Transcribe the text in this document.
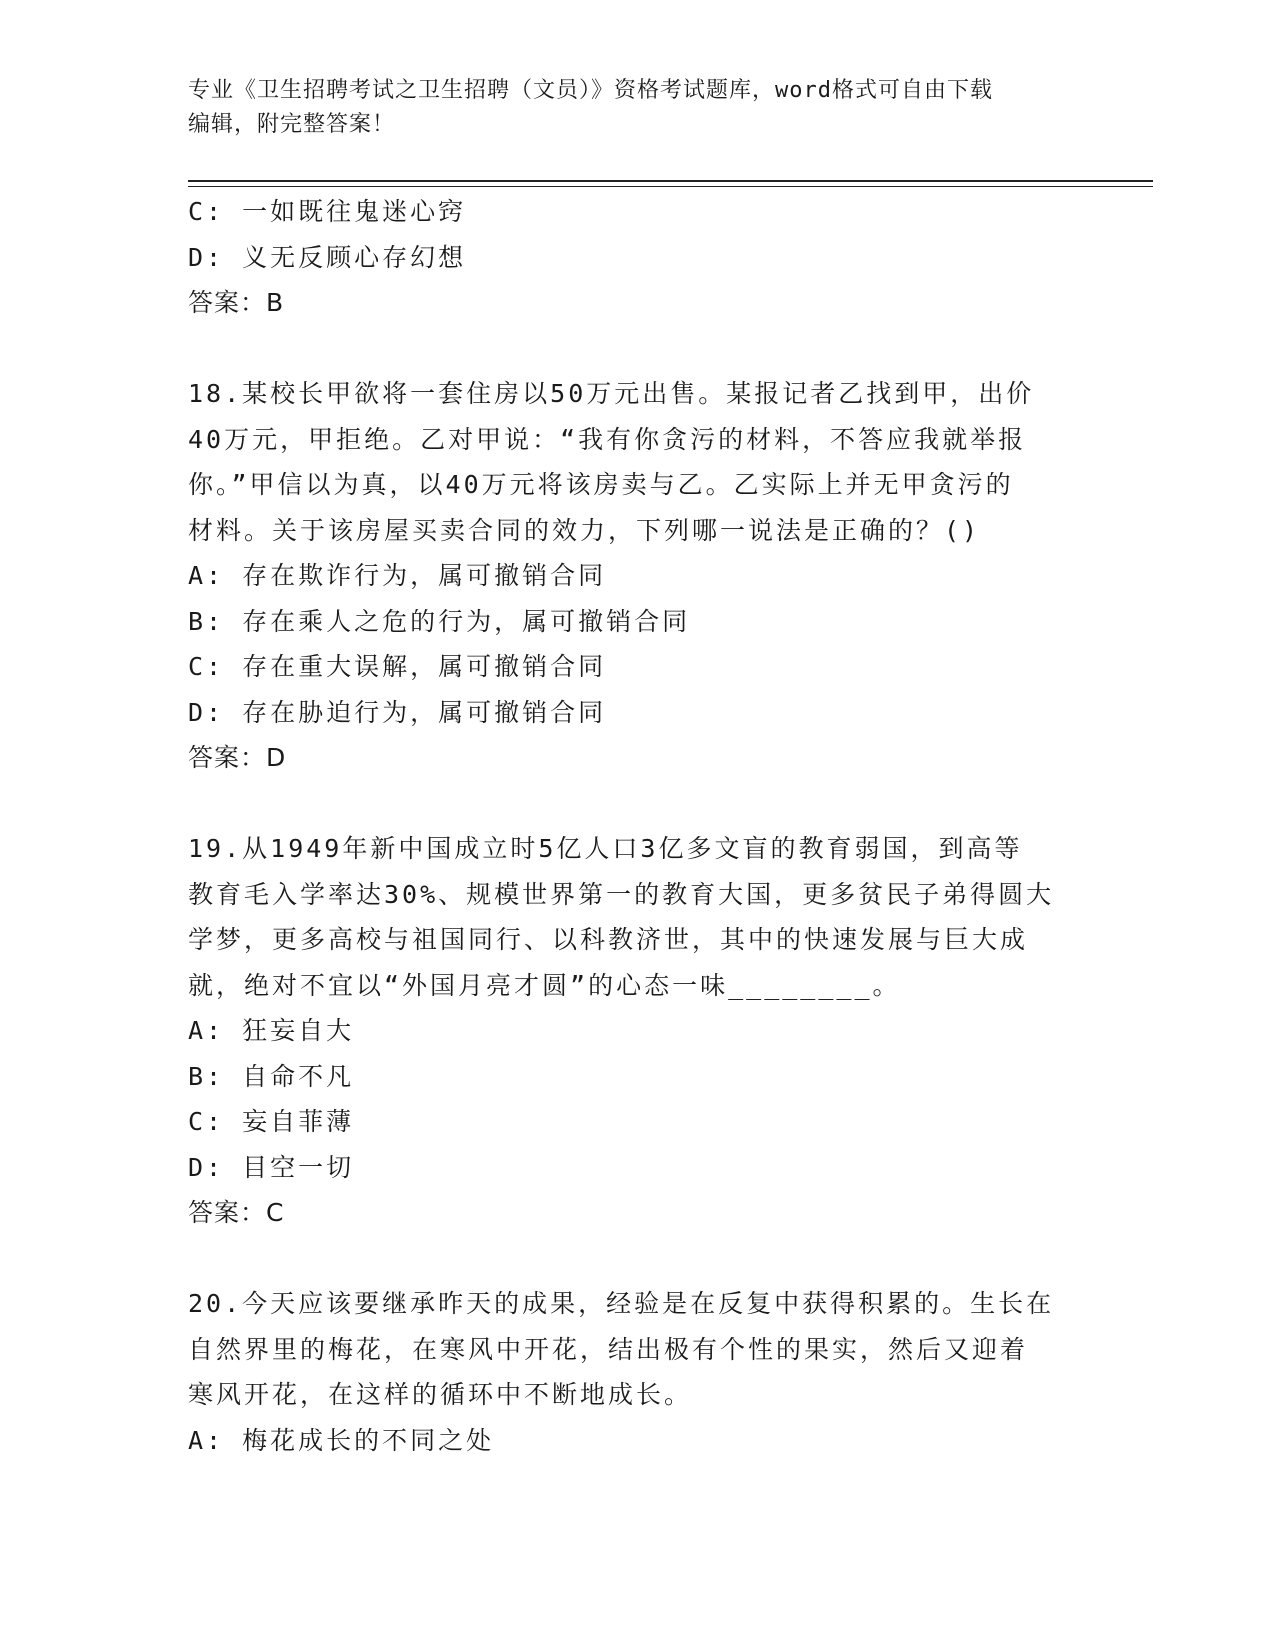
专业《卫生招聘考试之卫生招聘（文员）》资格考试题库，word格式可自由下载
编辑，附完整答案！
C: 一如既往鬼迷心窍
D: 义无反顾心存幻想
答案：B
18.某校长甲欲将一套住房以50万元出售。某报记者乙找到甲，出价
40万元，甲拒绝。乙对甲说：“我有你贪污的材料，不答应我就举报
你。”甲信以为真，以40万元将该房卖与乙。乙实际上并无甲贪污的
材料。关于该房屋买卖合同的效力，下列哪一说法是正确的？()
A: 存在欺诈行为，属可撤销合同
B: 存在乘人之危的行为，属可撤销合同
C: 存在重大误解，属可撤销合同
D: 存在胁迫行为，属可撤销合同
答案：D
19.从1949年新中国成立时5亿人口3亿多文盲的教育弱国，到高等
教育毛入学率达30%、规模世界第一的教育大国，更多贫民子弟得圆大
学梦，更多高校与祖国同行、以科教济世，其中的快速发展与巨大成
就，绝对不宜以“外国月亮才圆”的心态一味________。
A: 狂妄自大
B: 自命不凡
C: 妄自菲薄
D: 目空一切
答案：C
20.今天应该要继承昨天的成果，经验是在反复中获得积累的。生长在
自然界里的梅花，在寒风中开花，结出极有个性的果实，然后又迎着
寒风开花，在这样的循环中不断地成长。
A: 梅花成长的不同之处
